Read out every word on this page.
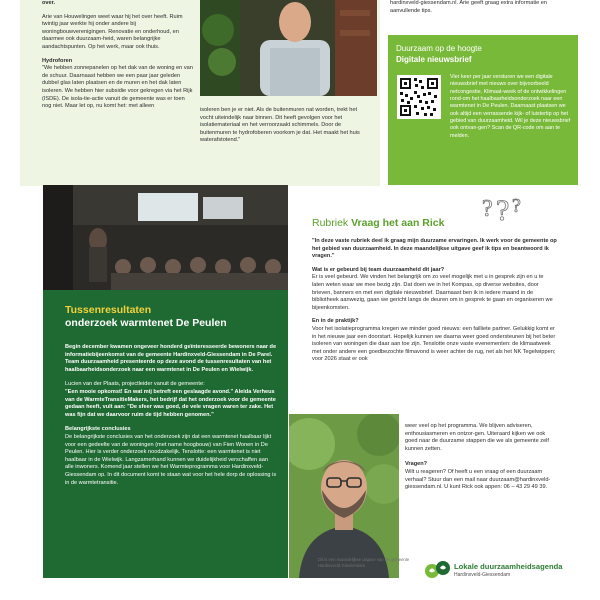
over.

Arie van Houwelingen weet waar hij het over heeft. Ruim twintig jaar werkte hij onder andere bij woningbouwverenigingen. Renovatie en onderhoud, en daarmee ook duurzaam-heid, waren belangrijke aandachtspunten. Op het werk, maar ook thuis.

Hydroforen

"We hebben zonnepanelen op het dak van de woning en van de schuur. Daarnaast hebben we een paar jaar geleden dubbel glas laten plaatsen en de muren en het dak laten isoleren. We hebben hier subsidie voor gekregen via het Rijk (ISDE). De isola-tie-actie vanuit de gemeente was er toen nog niet. Maar let op, nu komt het: met alleen

isoleren ben je er niet. Als de buitenmuren nat worden, trekt het vocht uiteindelijk naar binnen. Dit heeft gevolgen voor het isolatiemateriaal en het verroorzaakt schimmels. Door de buitenmuren te hydrofoberen voorkom je dat. Het maakt het huis waterafstotend."

hardinxveld-giessendam.nl. Arie geeft graag extra informatie en aanvullende tips.

Duurzaam op de hoogte
Digitale nieuwsbrief
Vier keer per jaar versturen we een digitale nieuwsbrief met nieuws over bijvoorbeeld netcongestie, Klimaat-week of de ontwikkelingen rond-om het haalbaarheidsonderzoek naar een warmtenet in De Peulen. Daarnaast plaatsen we ook altijd een verrassende kijk- of luistertip op het gebied van duurzaamheid. Wil je deze nieuwsbrief ook ontvan-gen? Scan de QR-code om aan te melden.
Tussenresultaten
onderzoek warmtenet De Peulen

Begin december kwamen ongeveer honderd geïnteresseerde bewoners naar de informatiebijeenkomst van de gemeente Hardinxveld-Giessendam in De Parel. Team duurzaamheid presenteerde op deze avond de tussenresultaten van het haalbaarheidsonderzoek naar een warmtenet in De Peulen en Wielwijk.

Lucien van der Plaats, projectleider vanuit de gemeente:
"Een mooie opkomst! En wat mij betreft een geslaagde avond." Aleida Verheus van de WarmteTransitieMakers, het bedrijf dat het onderzoek voor de gemeente gedaan heeft, vult aan: "De sfeer was goed, de vele vragen waren ter zake. Het was fijn dat we daarvoor ruim de tijd hebben genomen."

Belangrijkste conclusies

De belangrijkste conclusies van het onderzoek zijn dat een warmtenet haalbaar lijkt voor een gedeelte van de woningen (met name hoogbouw) van Fien Wonen in De Peulen. Hier is verder onderzoek noodzakelijk. Tenslotte: een warmtenet is niet haalbaar in de Wielwijk. Langzamerhand kunnen we duidelijkheid verschaffen aan alle inwoners. Komend jaar stellen we het Warmteprogramma voor Hardinxveld-Giessendam op. In dit document komt te staan wat voor het hele dorp de oplossing is in de warmtetransitie.

Rubriek Vraag het aan Rick
? ? ?

"In deze vaste rubriek deel ik graag mijn duurzame ervaringen. Ik werk voor de gemeente op het gebied van duurzaamheid. In deze maandelijkse uitgave geef ik tips en beantwoord ik vragen."

Wat is er gebeurd bij team duurzaamheid dit jaar?

Er is veel gebeurd. We vinden het belangrijk om zo veel mogelijk met u in gesprek zijn en u te laten weten waar we mee bezig zijn. Dat doen we in het Kompas, op diverse websites, door brieven, banners en met een digitale nieuwsbrief. Daarnaast ben ik in iedere maand in de bibliotheek aanwezig, gaan we gericht langs de deuren om in gesprek te gaan en organiseren we bijeenkomsten.

En in de praktijk?

Voor het isolatieprogramma kregen we minder goed nieuws: een failliete partner. Gelukkig komt er in het nieuwe jaar een doorstart. Hopelijk kunnen we daarna weer goed ondersteunen bij het beter isoleren van woningen die daar aan toe zijn. Tenslotte onze vaste evenementen: de klimaatweek met onder andere een goedbezochte filmavond is weer achter de rug, net als het NK Tegelwippen; voor 2026 staat er ook

weer veel op het programma. We blijven adviseren, enthousiasmeren en ontzor-gen. Uiteraard kijken we ook goed naar de duurzame stappen die we als gemeente zelf kunnen zetten.

Vragen?

Wilt u reageren? Of heeft u een vraag of een duurzaam verhaal? Stuur dan een mail naar duurzaam@hardinxveld-giessendam.nl. U kunt Rick ook appen: 06 – 43 29 49 39.

Dit is een maandelijkse uitgave van de gemeente Hardinxveld-Giessendam	Lokale duurzaamheidsagenda
Hardinxveld-Giessendam
